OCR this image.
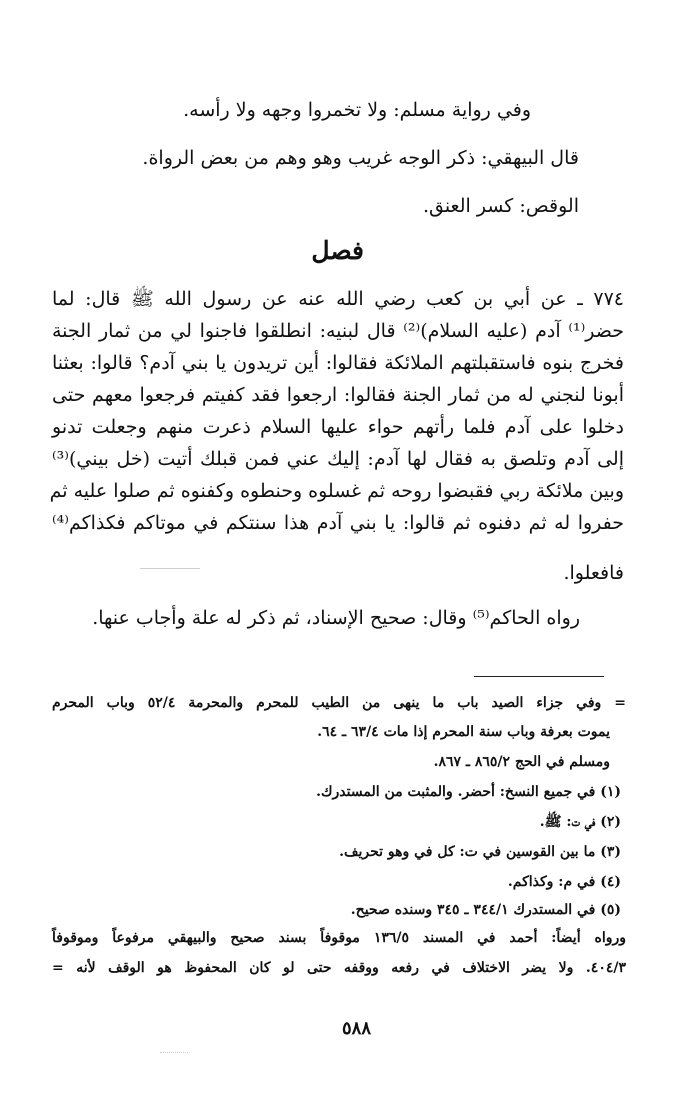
وفي رواية مسلم: ولا تخمروا وجهه ولا رأسه.
قال البيهقي: ذكر الوجه غريب وهو وهم من بعض الرواة.
الوقص: كسر العنق.
فصل
٧٧٤ ـ عن أبي بن كعب رضي الله عنه عن رسول الله ﷺ قال: لما
حضر⁽¹⁾ آدم (عليه السلام)⁽²⁾ قال لبنيه: انطلقوا فاجنوا لي من ثمار الجنة
فخرج بنوه فاستقبلتهم الملائكة فقالوا: أين تريدون يا بني آدم؟ قالوا: بعثنا
أبونا لنجني له من ثمار الجنة فقالوا: ارجعوا فقد كفيتم فرجعوا معهم حتى
دخلوا على آدم فلما رأتهم حواء عليها السلام ذعرت منهم وجعلت تدنو
إلى آدم وتلصق به فقال لها آدم: إليك عني فمن قبلك أتيت (خل بيني)⁽³⁾
وبين ملائكة ربي فقبضوا روحه ثم غسلوه وحنطوه وكفنوه ثم صلوا عليه ثم
حفروا له ثم دفنوه ثم قالوا: يا بني آدم هذا سنتكم في موتاكم فكذاكم⁽⁴⁾
فافعلوا.
رواه الحاكم⁽⁵⁾ وقال: صحيح الإسناد، ثم ذكر له علة وأجاب عنها.
= وفي جزاء الصيد باب ما ينهى من الطيب للمحرم والمحرمة ٥٢/٤ وباب المحرم
يموت بعرفة وباب سنة المحرم إذا مات ٦٣/٤ ـ ٦٤.
ومسلم في الحج ٨٦٥/٢ ـ ٨٦٧.
(١) في جميع النسخ: أحضر. والمثبت من المستدرك.
(٢) في ت: ﷺ.
(٣) ما بين القوسين في ت: كل في وهو تحريف.
(٤) في م: وكذاكم.
(٥) في المستدرك ٣٤٤/١ ـ ٣٤٥ وسنده صحيح.
ورواه أيضاً: أحمد في المسند ١٣٦/٥ موقوفاً بسند صحيح والبيهقي مرفوعاً وموقوفاً
٤٠٤/٣. ولا يضر الاختلاف في رفعه ووقفه حتى لو كان المحفوظ هو الوقف لأنه =
٥٨٨
